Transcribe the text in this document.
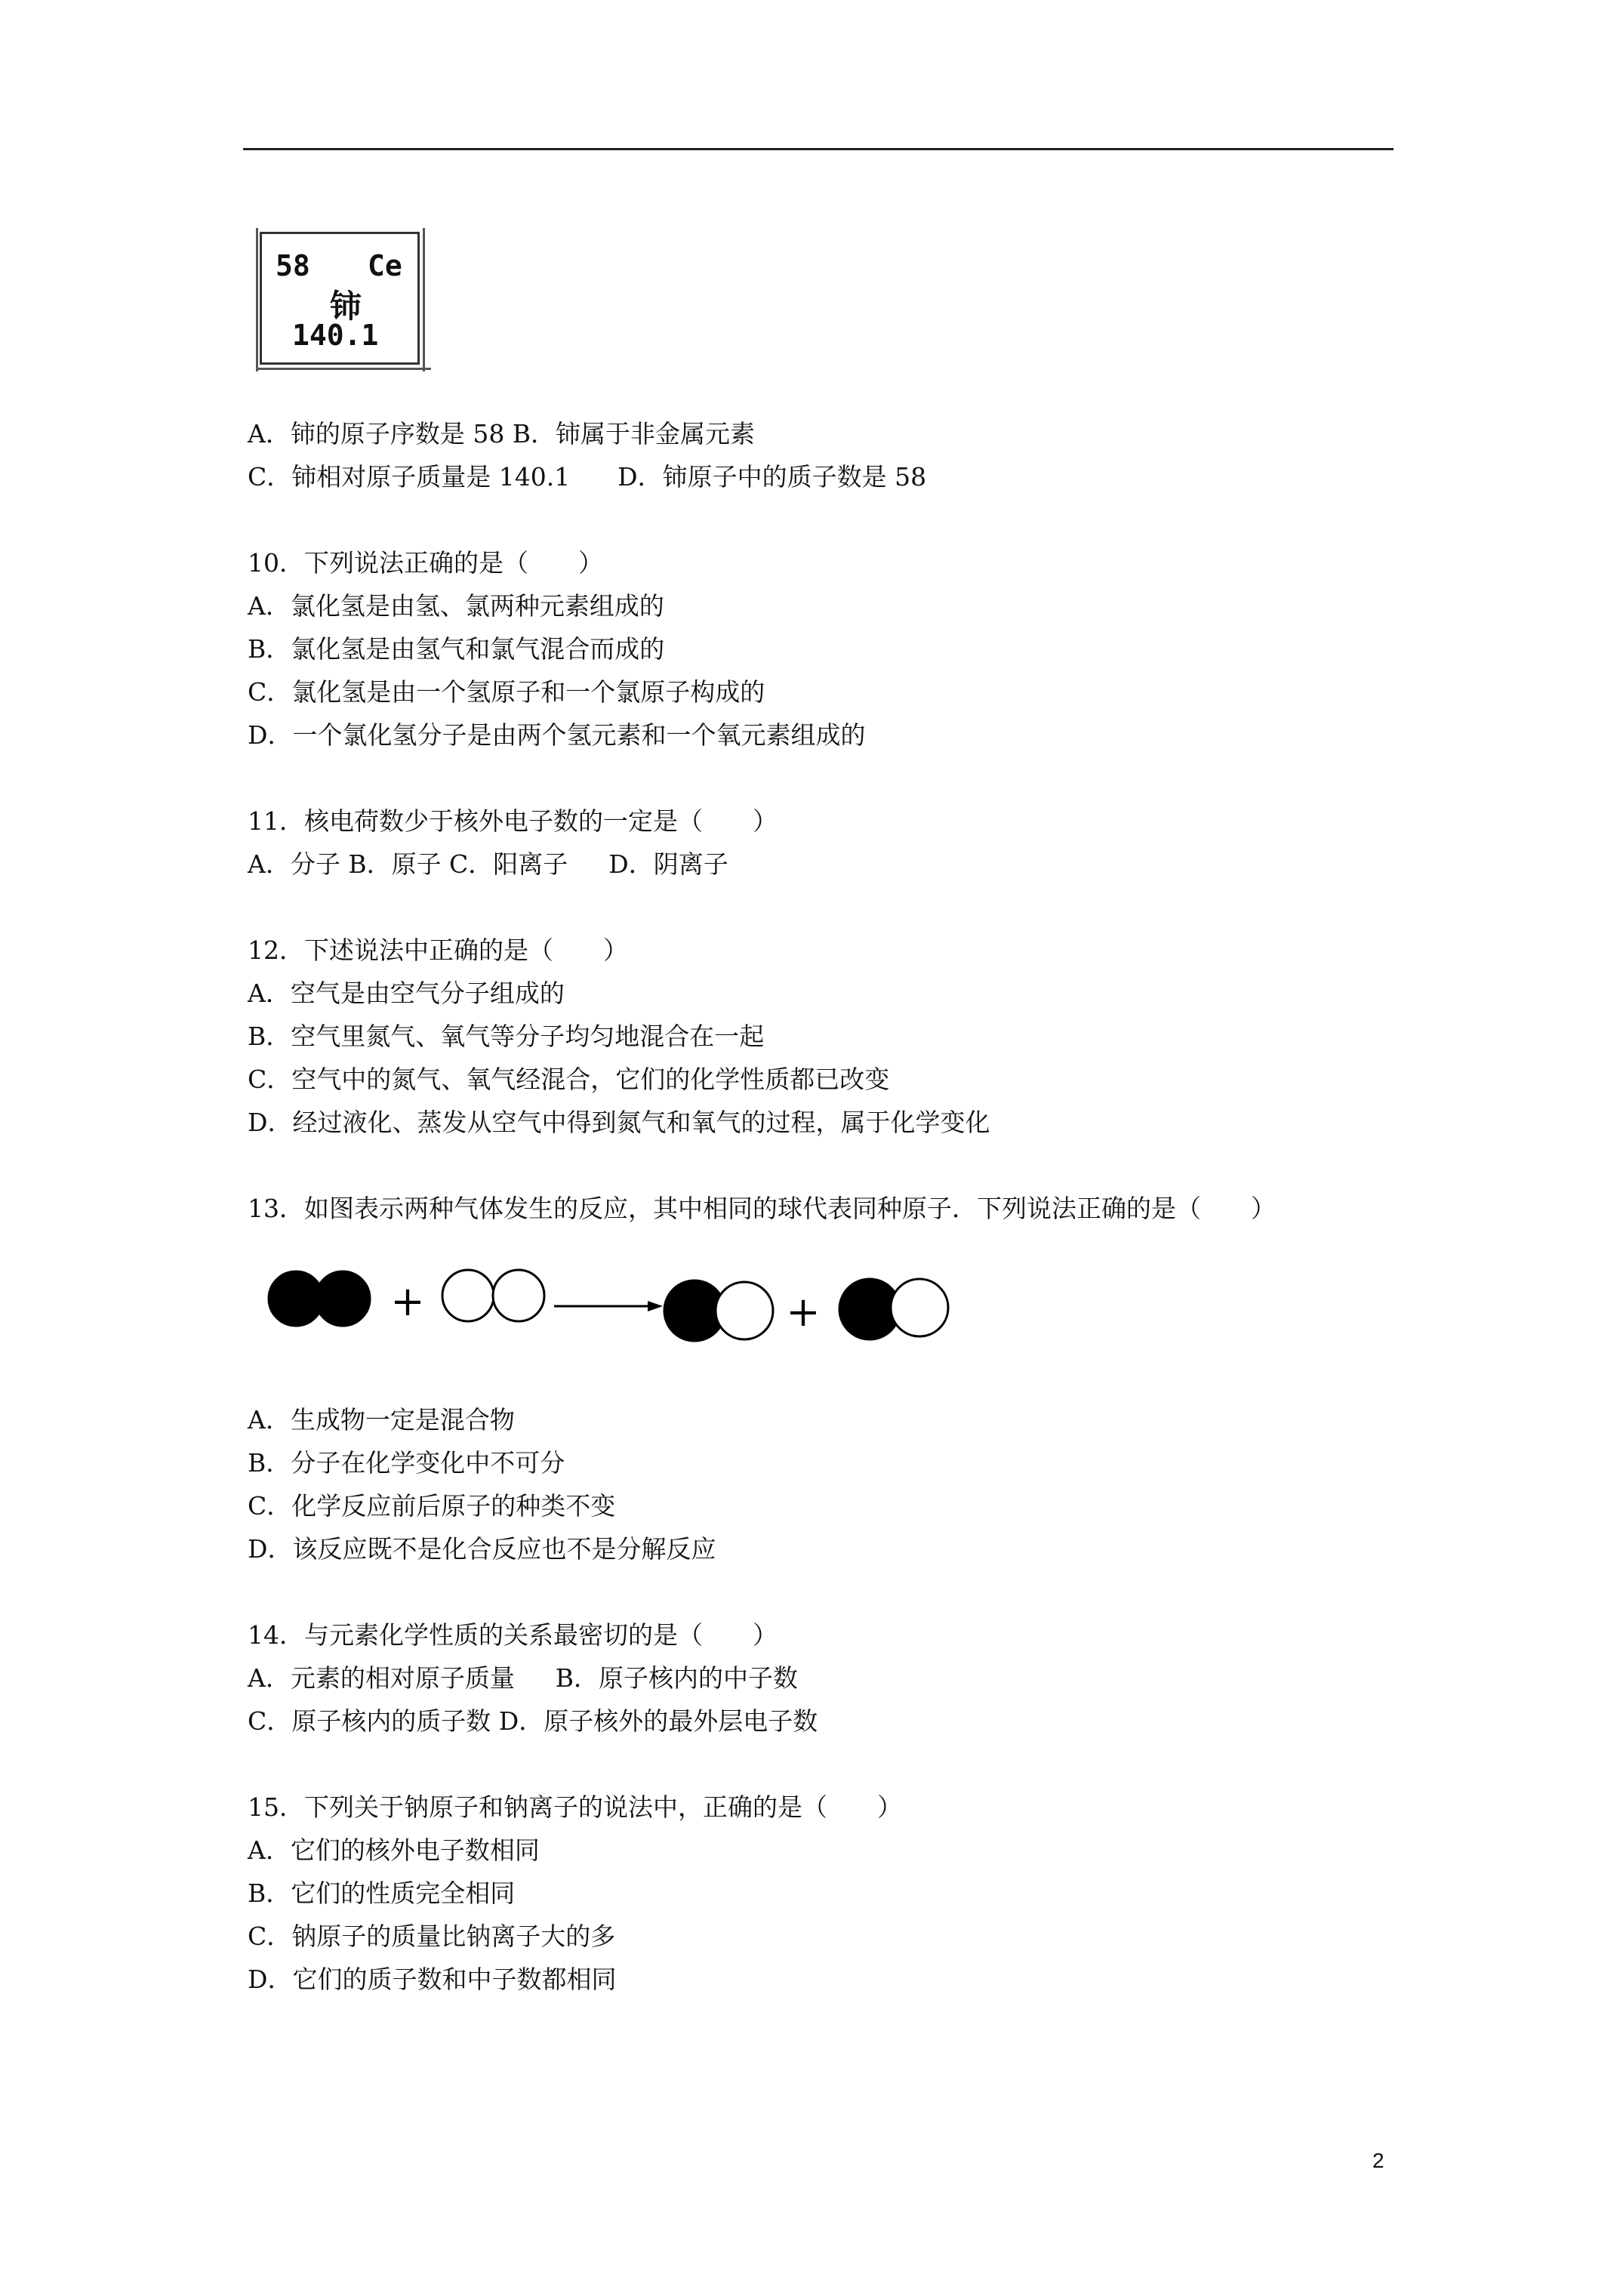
58 Ce
铈
140.1
A．铈的原子序数是 58 B．铈属于非金属元素
C．铈相对原子质量是 140.1      D．铈原子中的质子数是 58
10．下列说法正确的是（　　）
A．氯化氢是由氢、氯两种元素组成的
B．氯化氢是由氢气和氯气混合而成的
C．氯化氢是由一个氢原子和一个氯原子构成的
D．一个氯化氢分子是由两个氢元素和一个氧元素组成的
11．核电荷数少于核外电子数的一定是（　　）
A．分子 B．原子 C．阳离子　  D．阴离子
12．下述说法中正确的是（　　）
A．空气是由空气分子组成的
B．空气里氮气、氧气等分子均匀地混合在一起
C．空气中的氮气、氧气经混合，它们的化学性质都已改变
D．经过液化、蒸发从空气中得到氮气和氧气的过程，属于化学变化
13．如图表示两种气体发生的反应，其中相同的球代表同种原子．下列说法正确的是（　　）
+	+
A．生成物一定是混合物
B．分子在化学变化中不可分
C．化学反应前后原子的种类不变
D．该反应既不是化合反应也不是分解反应
14．与元素化学性质的关系最密切的是（　　）
A．元素的相对原子质量　  B．原子核内的中子数
C．原子核内的质子数 D．原子核外的最外层电子数
15．下列关于钠原子和钠离子的说法中，正确的是（　　）
A．它们的核外电子数相同
B．它们的性质完全相同
C．钠原子的质量比钠离子大的多
D．它们的质子数和中子数都相同
2
